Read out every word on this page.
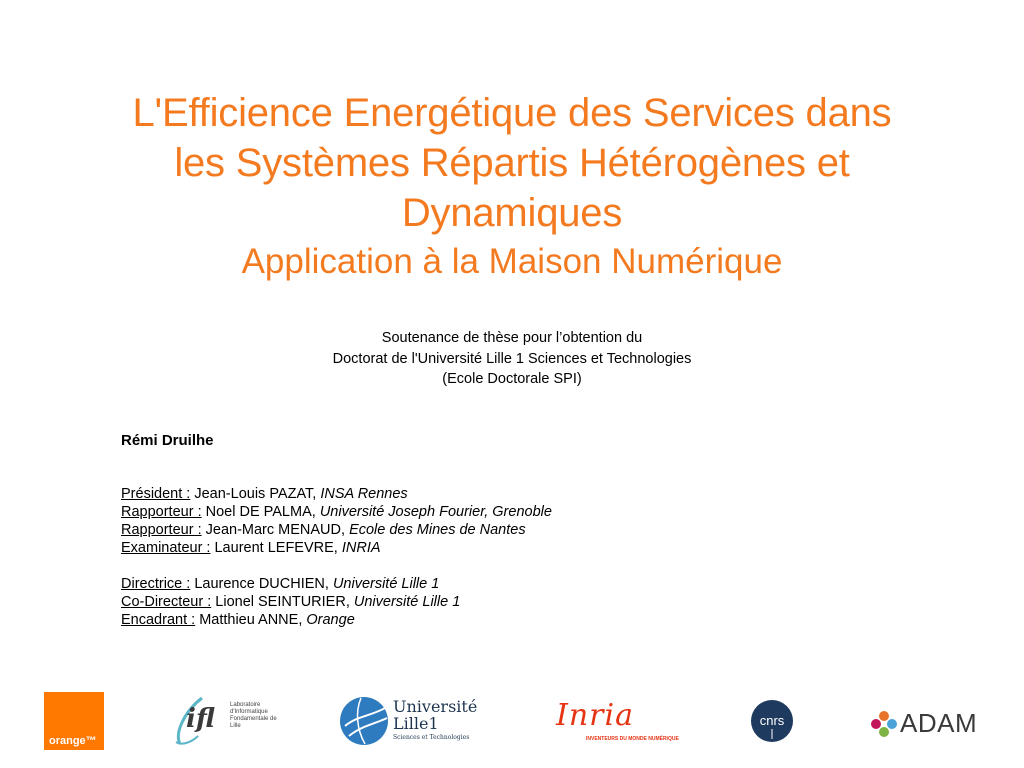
L'Efficience Energétique des Services dans
les Systèmes Répartis Hétérogènes et
Dynamiques
Application à la Maison Numérique
Soutenance de thèse pour l’obtention du
Doctorat de l'Université Lille 1 Sciences et Technologies
(Ecole Doctorale SPI)
Rémi Druilhe
Président : Jean-Louis PAZAT, INSA Rennes
Rapporteur : Noel DE PALMA, Université Joseph Fourier, Grenoble
Rapporteur : Jean-Marc MENAUD, Ecole des Mines de Nantes
Examinateur : Laurent LEFEVRE, INRIA
Directrice : Laurence DUCHIEN, Université Lille 1
Co-Directeur : Lionel SEINTURIER, Université Lille 1
Encadrant : Matthieu ANNE, Orange
orange™
ifl	Laboratoire d'Informatique Fondamentale de Lille
Université
Lille1
Sciences et Technologies
Inria
INVENTEURS DU MONDE NUMÉRIQUE
cnrs	ADAM
